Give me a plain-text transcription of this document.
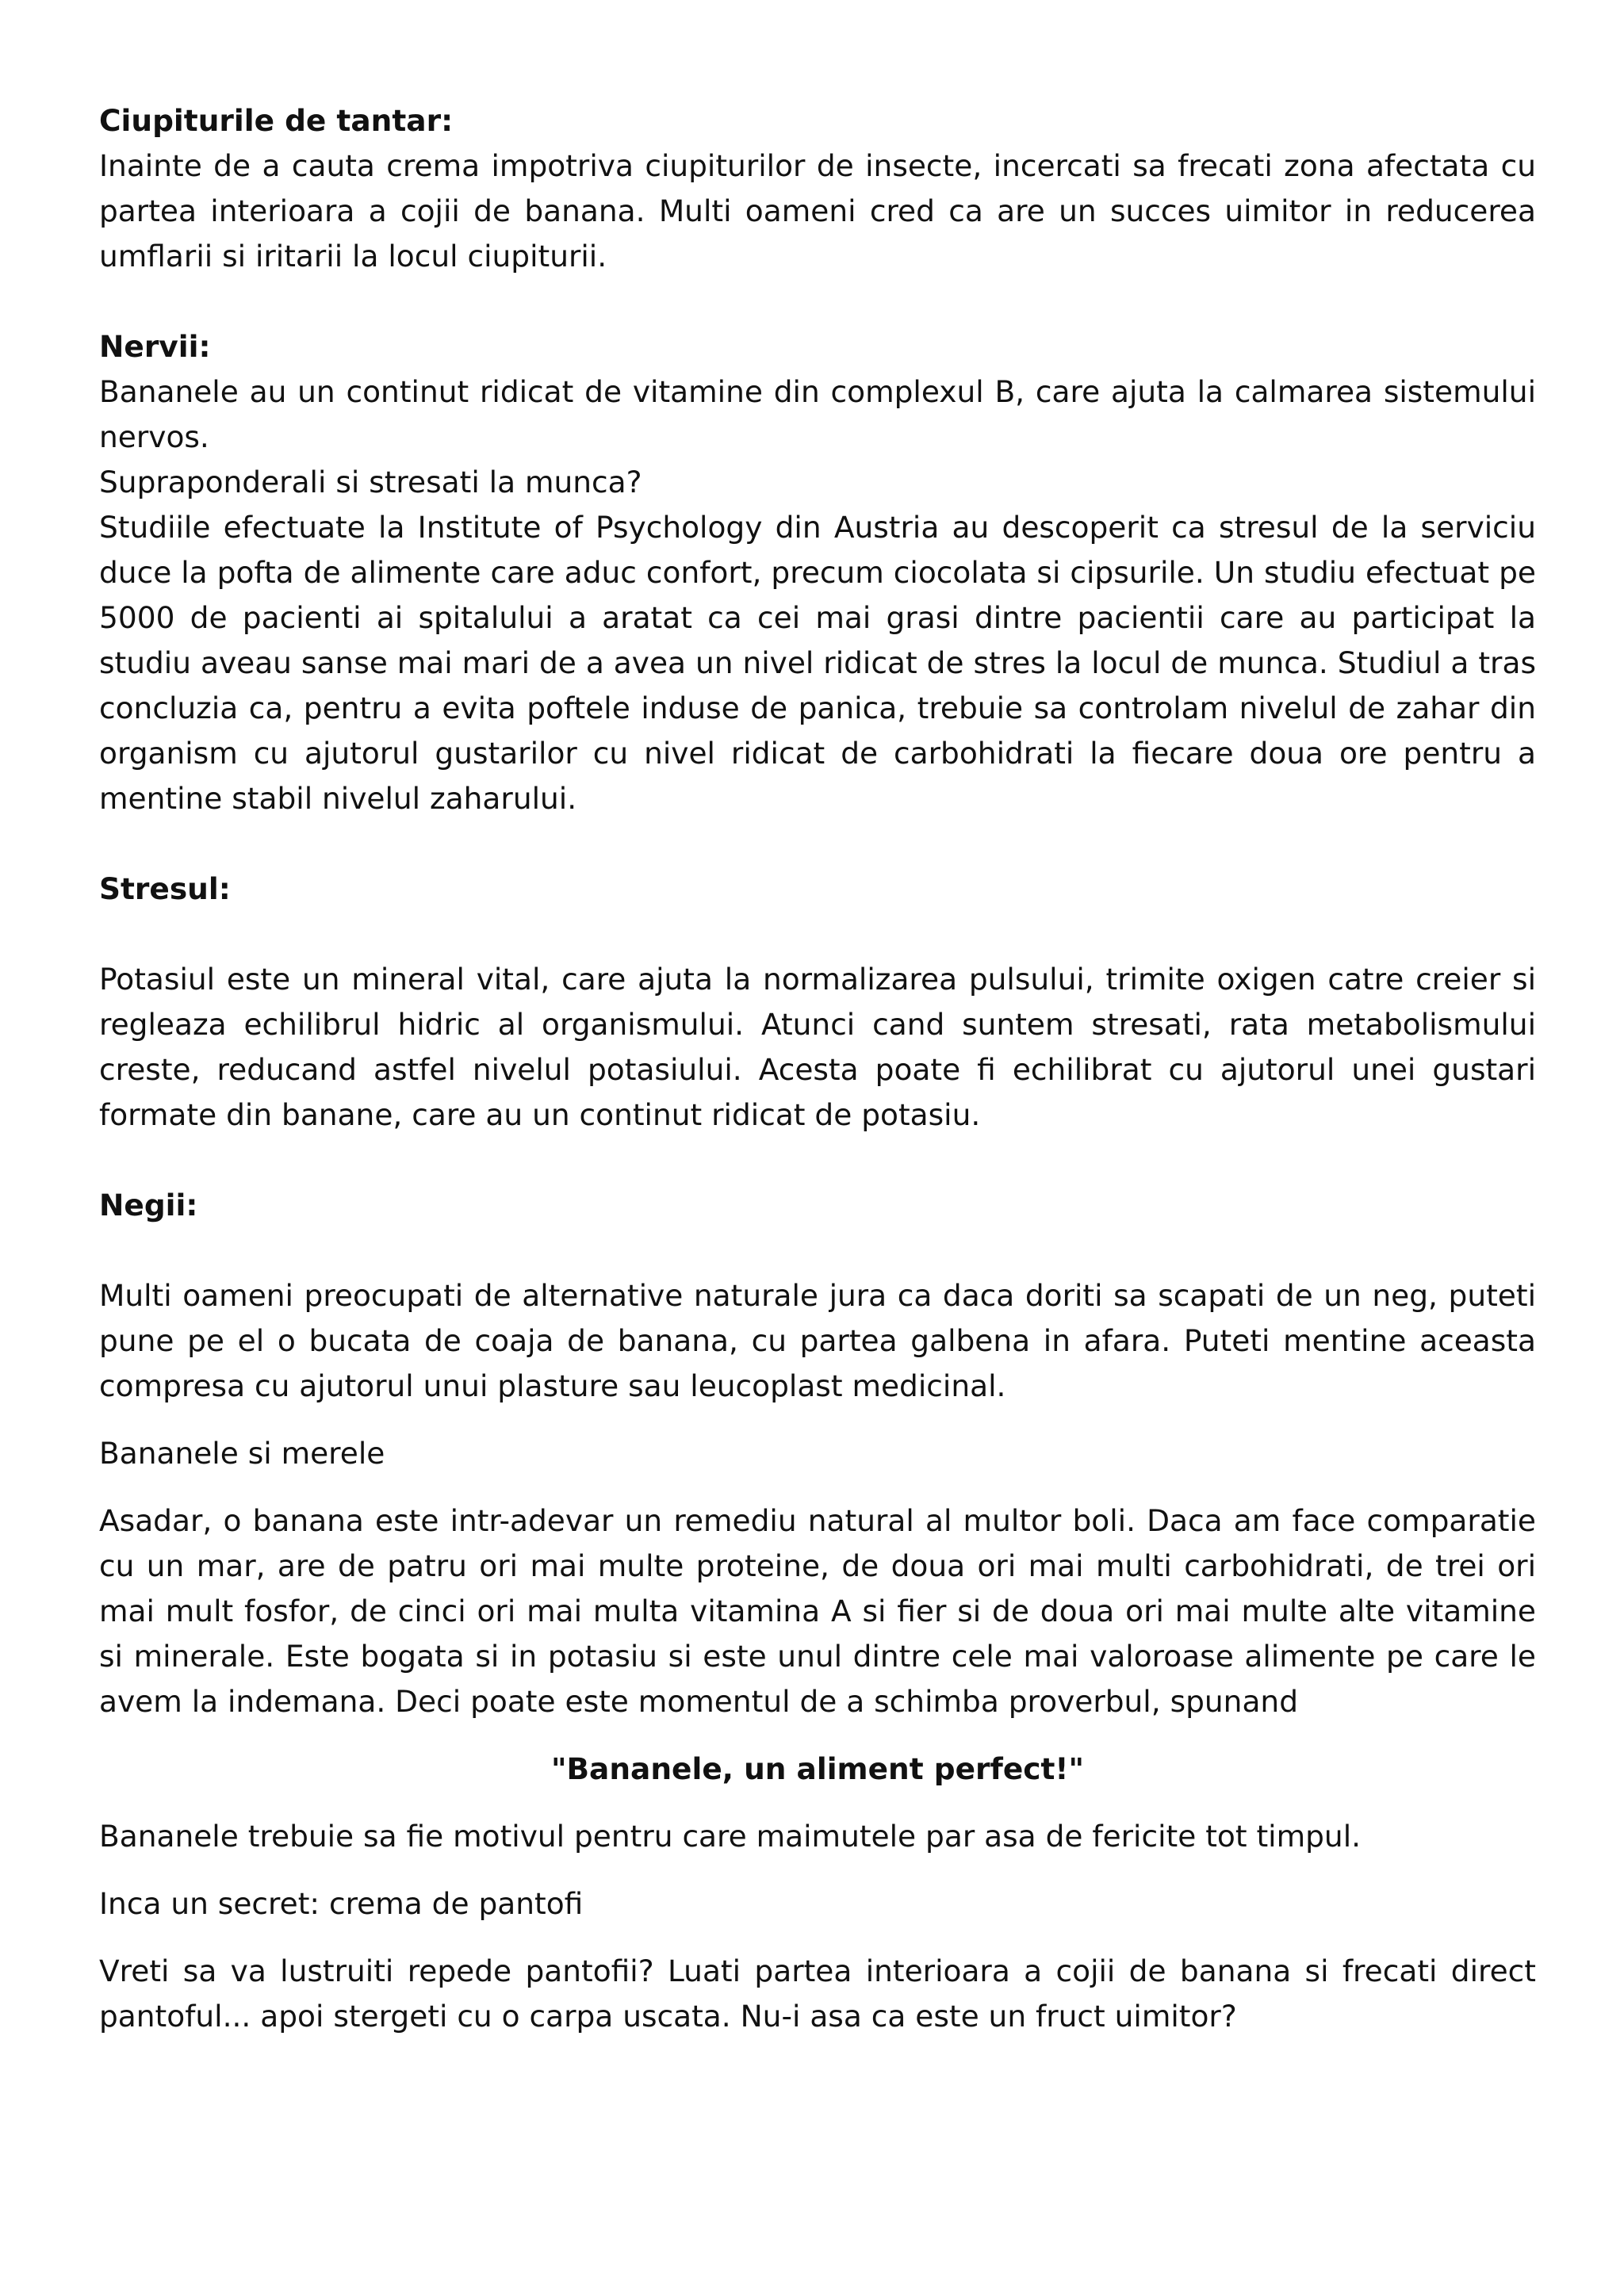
Ciupiturile de tantar:

Inainte de a cauta crema impotriva ciupiturilor de insecte, incercati sa frecati zona afectata cu partea interioara a cojii de banana. Multi oameni cred ca are un succes uimitor in reducerea umflarii si iritarii la locul ciupiturii.

Nervii:

Bananele au un continut ridicat de vitamine din complexul B, care ajuta la calmarea sistemului nervos.

Supraponderali si stresati la munca?

Studiile efectuate la Institute of Psychology din Austria au descoperit ca stresul de la serviciu duce la pofta de alimente care aduc confort, precum ciocolata si cipsurile. Un studiu efectuat pe 5000 de pacienti ai spitalului a aratat ca cei mai grasi dintre pacientii care au participat la studiu aveau sanse mai mari de a avea un nivel ridicat de stres la locul de munca. Studiul a tras concluzia ca, pentru a evita poftele induse de panica, trebuie sa controlam nivelul de zahar din organism cu ajutorul gustarilor cu nivel ridicat de carbohidrati la fiecare doua ore pentru a mentine stabil nivelul zaharului.

Stresul:

Potasiul este un mineral vital, care ajuta la normalizarea pulsului, trimite oxigen catre creier si regleaza echilibrul hidric al organismului. Atunci cand suntem stresati, rata metabolismului creste, reducand astfel nivelul potasiului. Acesta poate fi echilibrat cu ajutorul unei gustari formate din banane, care au un continut ridicat de potasiu.

Negii:

Multi oameni preocupati de alternative naturale jura ca daca doriti sa scapati de un neg, puteti pune pe el o bucata de coaja de banana, cu partea galbena in afara. Puteti mentine aceasta compresa cu ajutorul unui plasture sau leucoplast medicinal.

Bananele si merele

Asadar, o banana este intr-adevar un remediu natural al multor boli. Daca am face comparatie cu un mar, are de patru ori mai multe proteine, de doua ori mai multi carbohidrati, de trei ori mai mult fosfor, de cinci ori mai multa vitamina A si fier si de doua ori mai multe alte vitamine si minerale. Este bogata si in potasiu si este unul dintre cele mai valoroase alimente pe care le avem la indemana. Deci poate este momentul de a schimba proverbul, spunand

"Bananele, un aliment perfect!"

Bananele trebuie sa fie motivul pentru care maimutele par asa de fericite tot timpul.

Inca un secret: crema de pantofi

Vreti sa va lustruiti repede pantofii? Luati partea interioara a cojii de banana si frecati direct pantoful... apoi stergeti cu o carpa uscata. Nu-i asa ca este un fruct uimitor?
